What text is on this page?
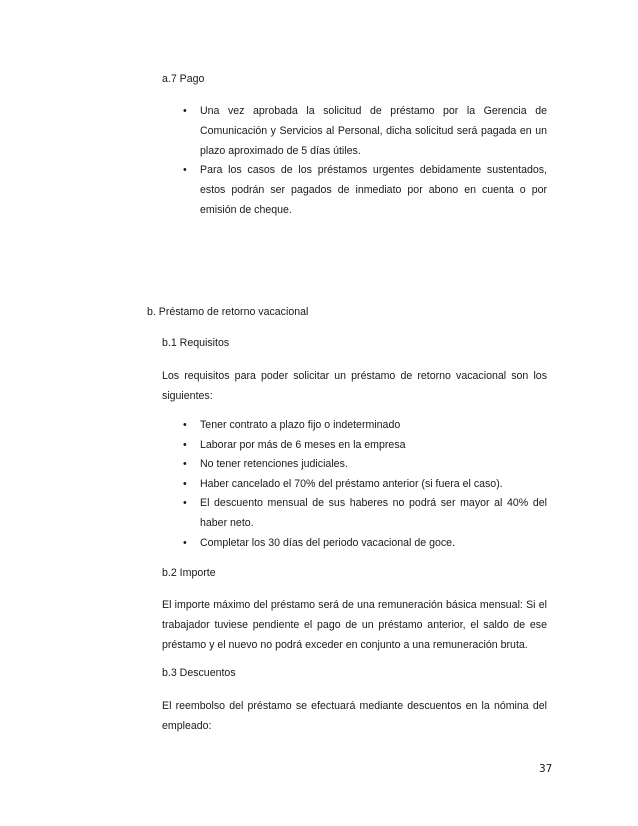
a.7 Pago
• Una vez aprobada la solicitud de préstamo por la Gerencia de Comunicación y Servicios al Personal, dicha solicitud será pagada en un plazo aproximado de 5 días útiles.
• Para los casos de los préstamos urgentes debidamente sustentados, estos podrán ser pagados de inmediato por abono en cuenta o por emisión de cheque.
b. Préstamo de retorno vacacional
b.1 Requisitos
Los requisitos para poder solicitar un préstamo de retorno vacacional son los siguientes:
• Tener contrato a plazo fijo o indeterminado
• Laborar por más de 6 meses en la empresa
• No tener retenciones judiciales.
• Haber cancelado el 70% del préstamo anterior (si fuera el caso).
• El descuento mensual de sus haberes no podrá ser mayor al 40% del haber neto.
• Completar los 30 días del periodo vacacional de goce.
b.2 Importe
El importe máximo del préstamo será de una remuneración básica mensual: Si el trabajador tuviese pendiente el pago de un préstamo anterior, el saldo de ese préstamo y el nuevo no podrá exceder en conjunto a una remuneración bruta.
b.3 Descuentos
El reembolso del préstamo se efectuará mediante descuentos en la nómina del empleado:
37
